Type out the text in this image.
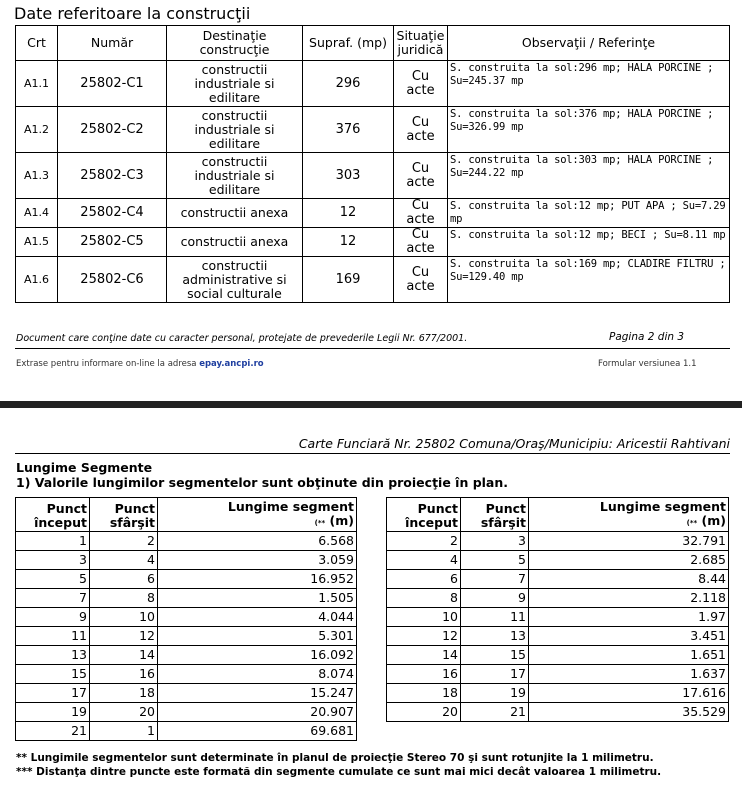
Date referitoare la construcţii
Crt	Număr	Destinaţie construcţie	Supraf. (mp)	Situaţie juridică	Observaţii / Referinţe
A1.1	25802-C1	constructii industriale si edilitare	296	Cu acte	S. construita la sol:296 mp; HALA PORCINE ; Su=245.37 mp
A1.2	25802-C2	constructii industriale si edilitare	376	Cu acte	S. construita la sol:376 mp; HALA PORCINE ; Su=326.99 mp
A1.3	25802-C3	constructii industriale si edilitare	303	Cu acte	S. construita la sol:303 mp; HALA PORCINE ; Su=244.22 mp
A1.4	25802-C4	constructii anexa	12	Cu acte	S. construita la sol:12 mp; PUT APA ; Su=7.29 mp
A1.5	25802-C5	constructii anexa	12	Cu acte	S. construita la sol:12 mp; BECI ; Su=8.11 mp
A1.6	25802-C6	constructii administrative si social culturale	169	Cu acte	S. construita la sol:169 mp; CLADIRE FILTRU ; Su=129.40 mp
Document care conţine date cu caracter personal, protejate de prevederile Legii Nr. 677/2001.	Pagina 2 din 3
Extrase pentru informare on-line la adresa epay.ancpi.ro	Formular versiunea 1.1
Carte Funciară Nr. 25802 Comuna/Oraş/Municipiu: Aricestii Rahtivani
Lungime Segmente
1) Valorile lungimilor segmentelor sunt obţinute din proiecţie în plan.
Punct început	Punct sfârşit	Lungime segment
(** (m)
1	2	6.568
3	4	3.059
5	6	16.952
7	8	1.505
9	10	4.044
11	12	5.301
13	14	16.092
15	16	8.074
17	18	15.247
19	20	20.907
21	1	69.681
Punct început	Punct sfârşit	Lungime segment
(** (m)
2	3	32.791
4	5	2.685
6	7	8.44
8	9	2.118
10	11	1.97
12	13	3.451
14	15	1.651
16	17	1.637
18	19	17.616
20	21	35.529
** Lungimile segmentelor sunt determinate în planul de proiecţie Stereo 70 şi sunt rotunjite la 1 milimetru.
*** Distanţa dintre puncte este formată din segmente cumulate ce sunt mai mici decât valoarea 1 milimetru.
